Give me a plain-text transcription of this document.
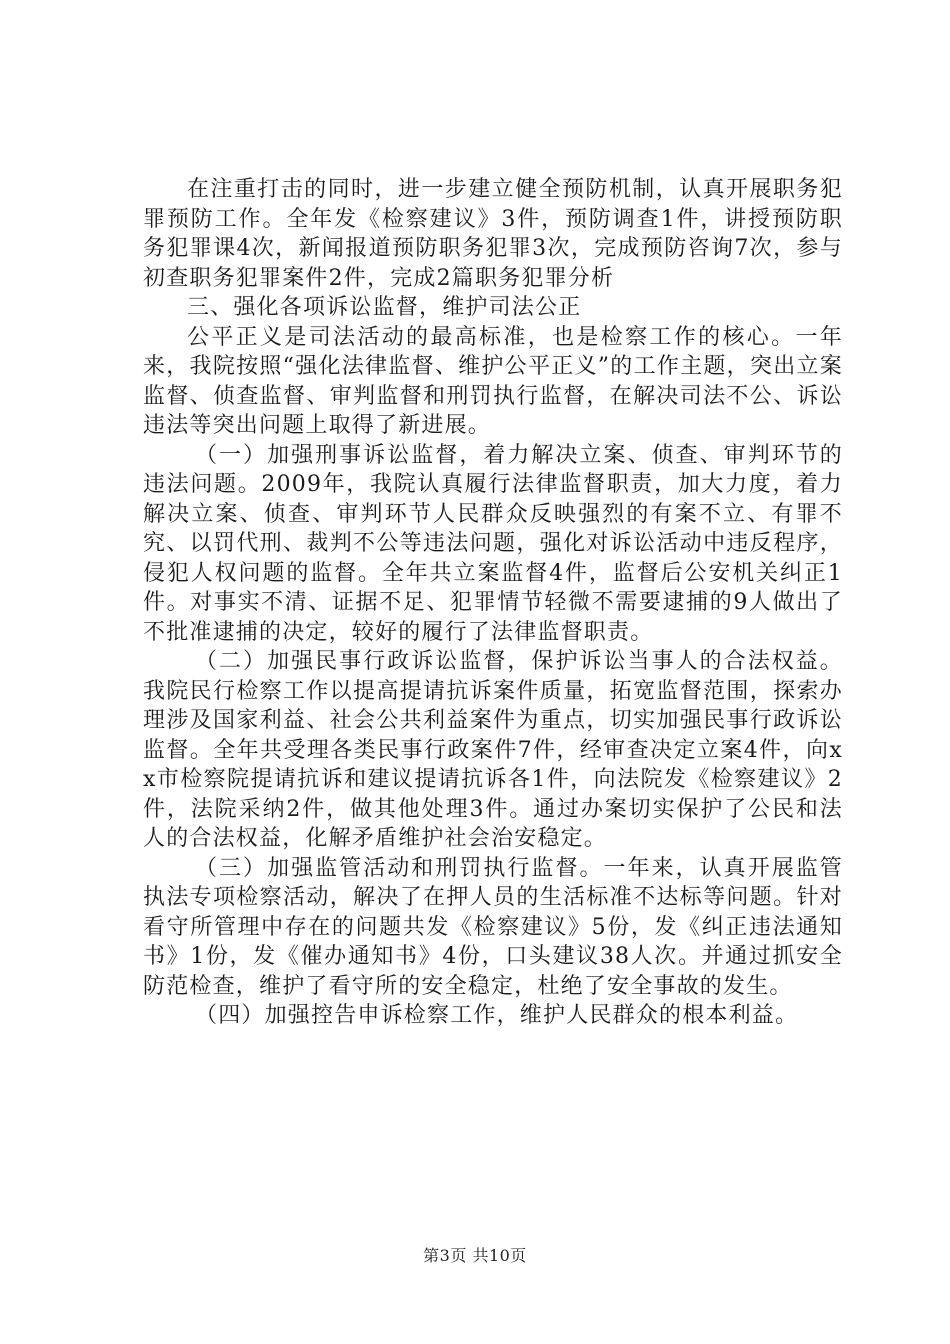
在注重打击的同时，进一步建立健全预防机制，认真开展职务犯罪预防工作。全年发《检察建议》3件，预防调查1件，讲授预防职务犯罪课4次，新闻报道预防职务犯罪3次，完成预防咨询7次，参与初查职务犯罪案件2件，完成2篇职务犯罪分析

三、强化各项诉讼监督，维护司法公正

公平正义是司法活动的最高标准，也是检察工作的核心。一年来，我院按照“强化法律监督、维护公平正义”的工作主题，突出立案监督、侦查监督、审判监督和刑罚执行监督，在解决司法不公、诉讼违法等突出问题上取得了新进展。

（一）加强刑事诉讼监督，着力解决立案、侦查、审判环节的违法问题。2009年，我院认真履行法律监督职责，加大力度，着力解决立案、侦查、审判环节人民群众反映强烈的有案不立、有罪不究、以罚代刑、裁判不公等违法问题，强化对诉讼活动中违反程序，侵犯人权问题的监督。全年共立案监督4件，监督后公安机关纠正1件。对事实不清、证据不足、犯罪情节轻微不需要逮捕的9人做出了不批准逮捕的决定，较好的履行了法律监督职责。

（二）加强民事行政诉讼监督，保护诉讼当事人的合法权益。我院民行检察工作以提高提请抗诉案件质量，拓宽监督范围，探索办理涉及国家利益、社会公共利益案件为重点，切实加强民事行政诉讼监督。全年共受理各类民事行政案件7件，经审查决定立案4件，向xx市检察院提请抗诉和建议提请抗诉各1件，向法院发《检察建议》2件，法院采纳2件，做其他处理3件。通过办案切实保护了公民和法人的合法权益，化解矛盾维护社会治安稳定。

（三）加强监管活动和刑罚执行监督。一年来，认真开展监管执法专项检察活动，解决了在押人员的生活标准不达标等问题。针对看守所管理中存在的问题共发《检察建议》5份，发《纠正违法通知书》1份，发《催办通知书》4份，口头建议38人次。并通过抓安全防范检查，维护了看守所的安全稳定，杜绝了安全事故的发生。

（四）加强控告申诉检察工作，维护人民群众的根本利益。

第3页 共10页
